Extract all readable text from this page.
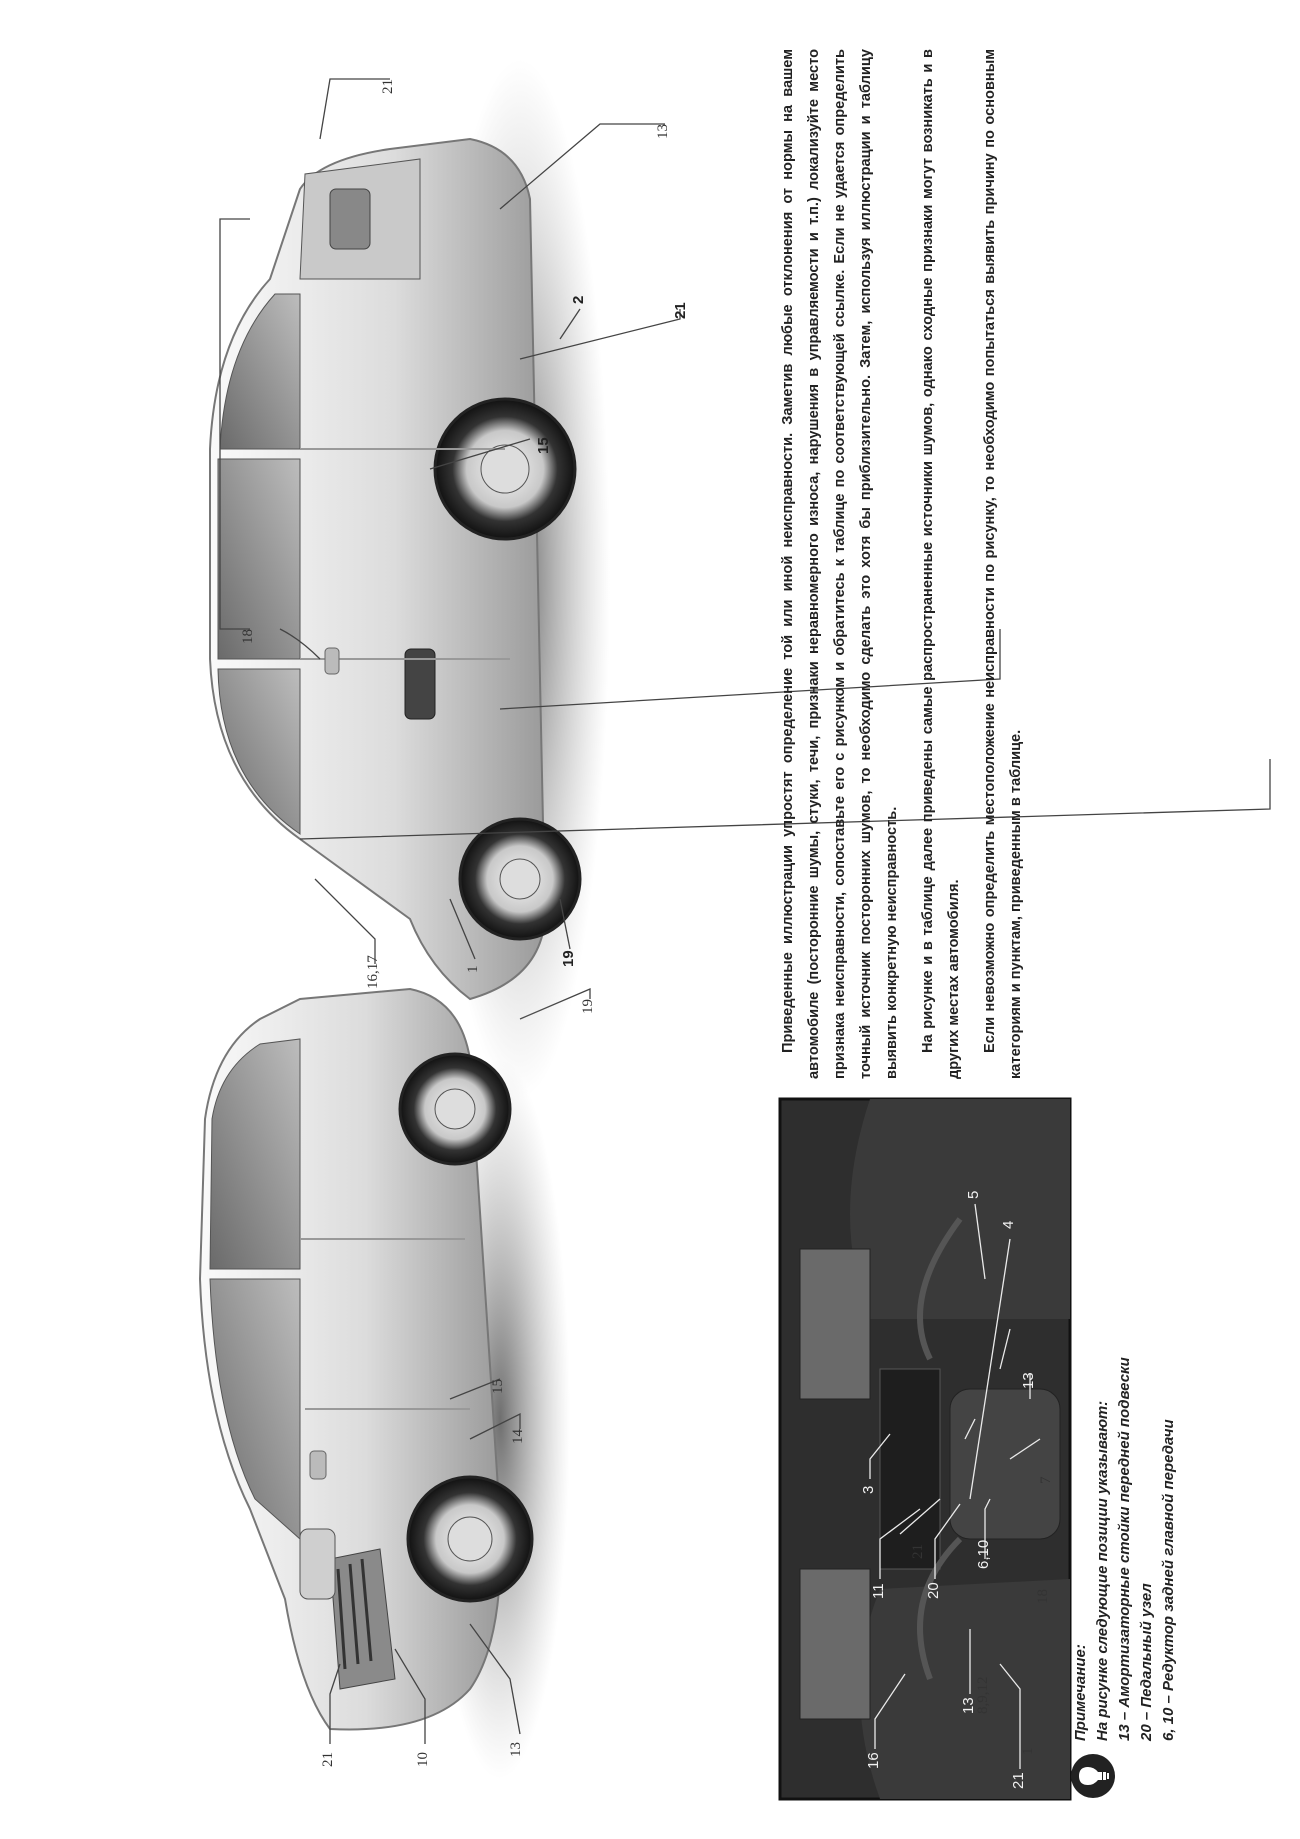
21	10
13	1
8,9,12
18
21
7
14
15
19
19
1
16,17
18
15
21
2
13
21
21
16
13
11	20
3
13
4
5
6,10

Приведенные иллюстрации упростят определение той или иной неисправности. Заметив любые отклонения от нормы на вашем автомобиле (посторонние шумы, стуки, течи, признаки неравномерного износа, нарушения в управляемости и т.п.) локализуйте место признака неисправности, сопоставьте его с рисунком и обратитесь к таблице по соответствующей ссылке. Если не удается определить точный источник посторонних шумов, то необходимо сделать это хотя бы приблизительно. Затем, используя иллюстрации и таблицу выявить конкретную неисправность.	На рисунке и в таблице далее приведены самые распространенные источники шумов, однако сходные признаки могут возникать и в других местах автомобиля.	Если невозможно определить местоположение неисправности по рисунку, то необходимо попытаться выявить причину по основным категориям и пунктам, приведенным в таблице.

Примечание: На рисунке следующие позиции указывают: 13 – Амортизаторные стойки передней подвески 20 – Педальный узел 6, 10 – Редуктор задней главной передачи
